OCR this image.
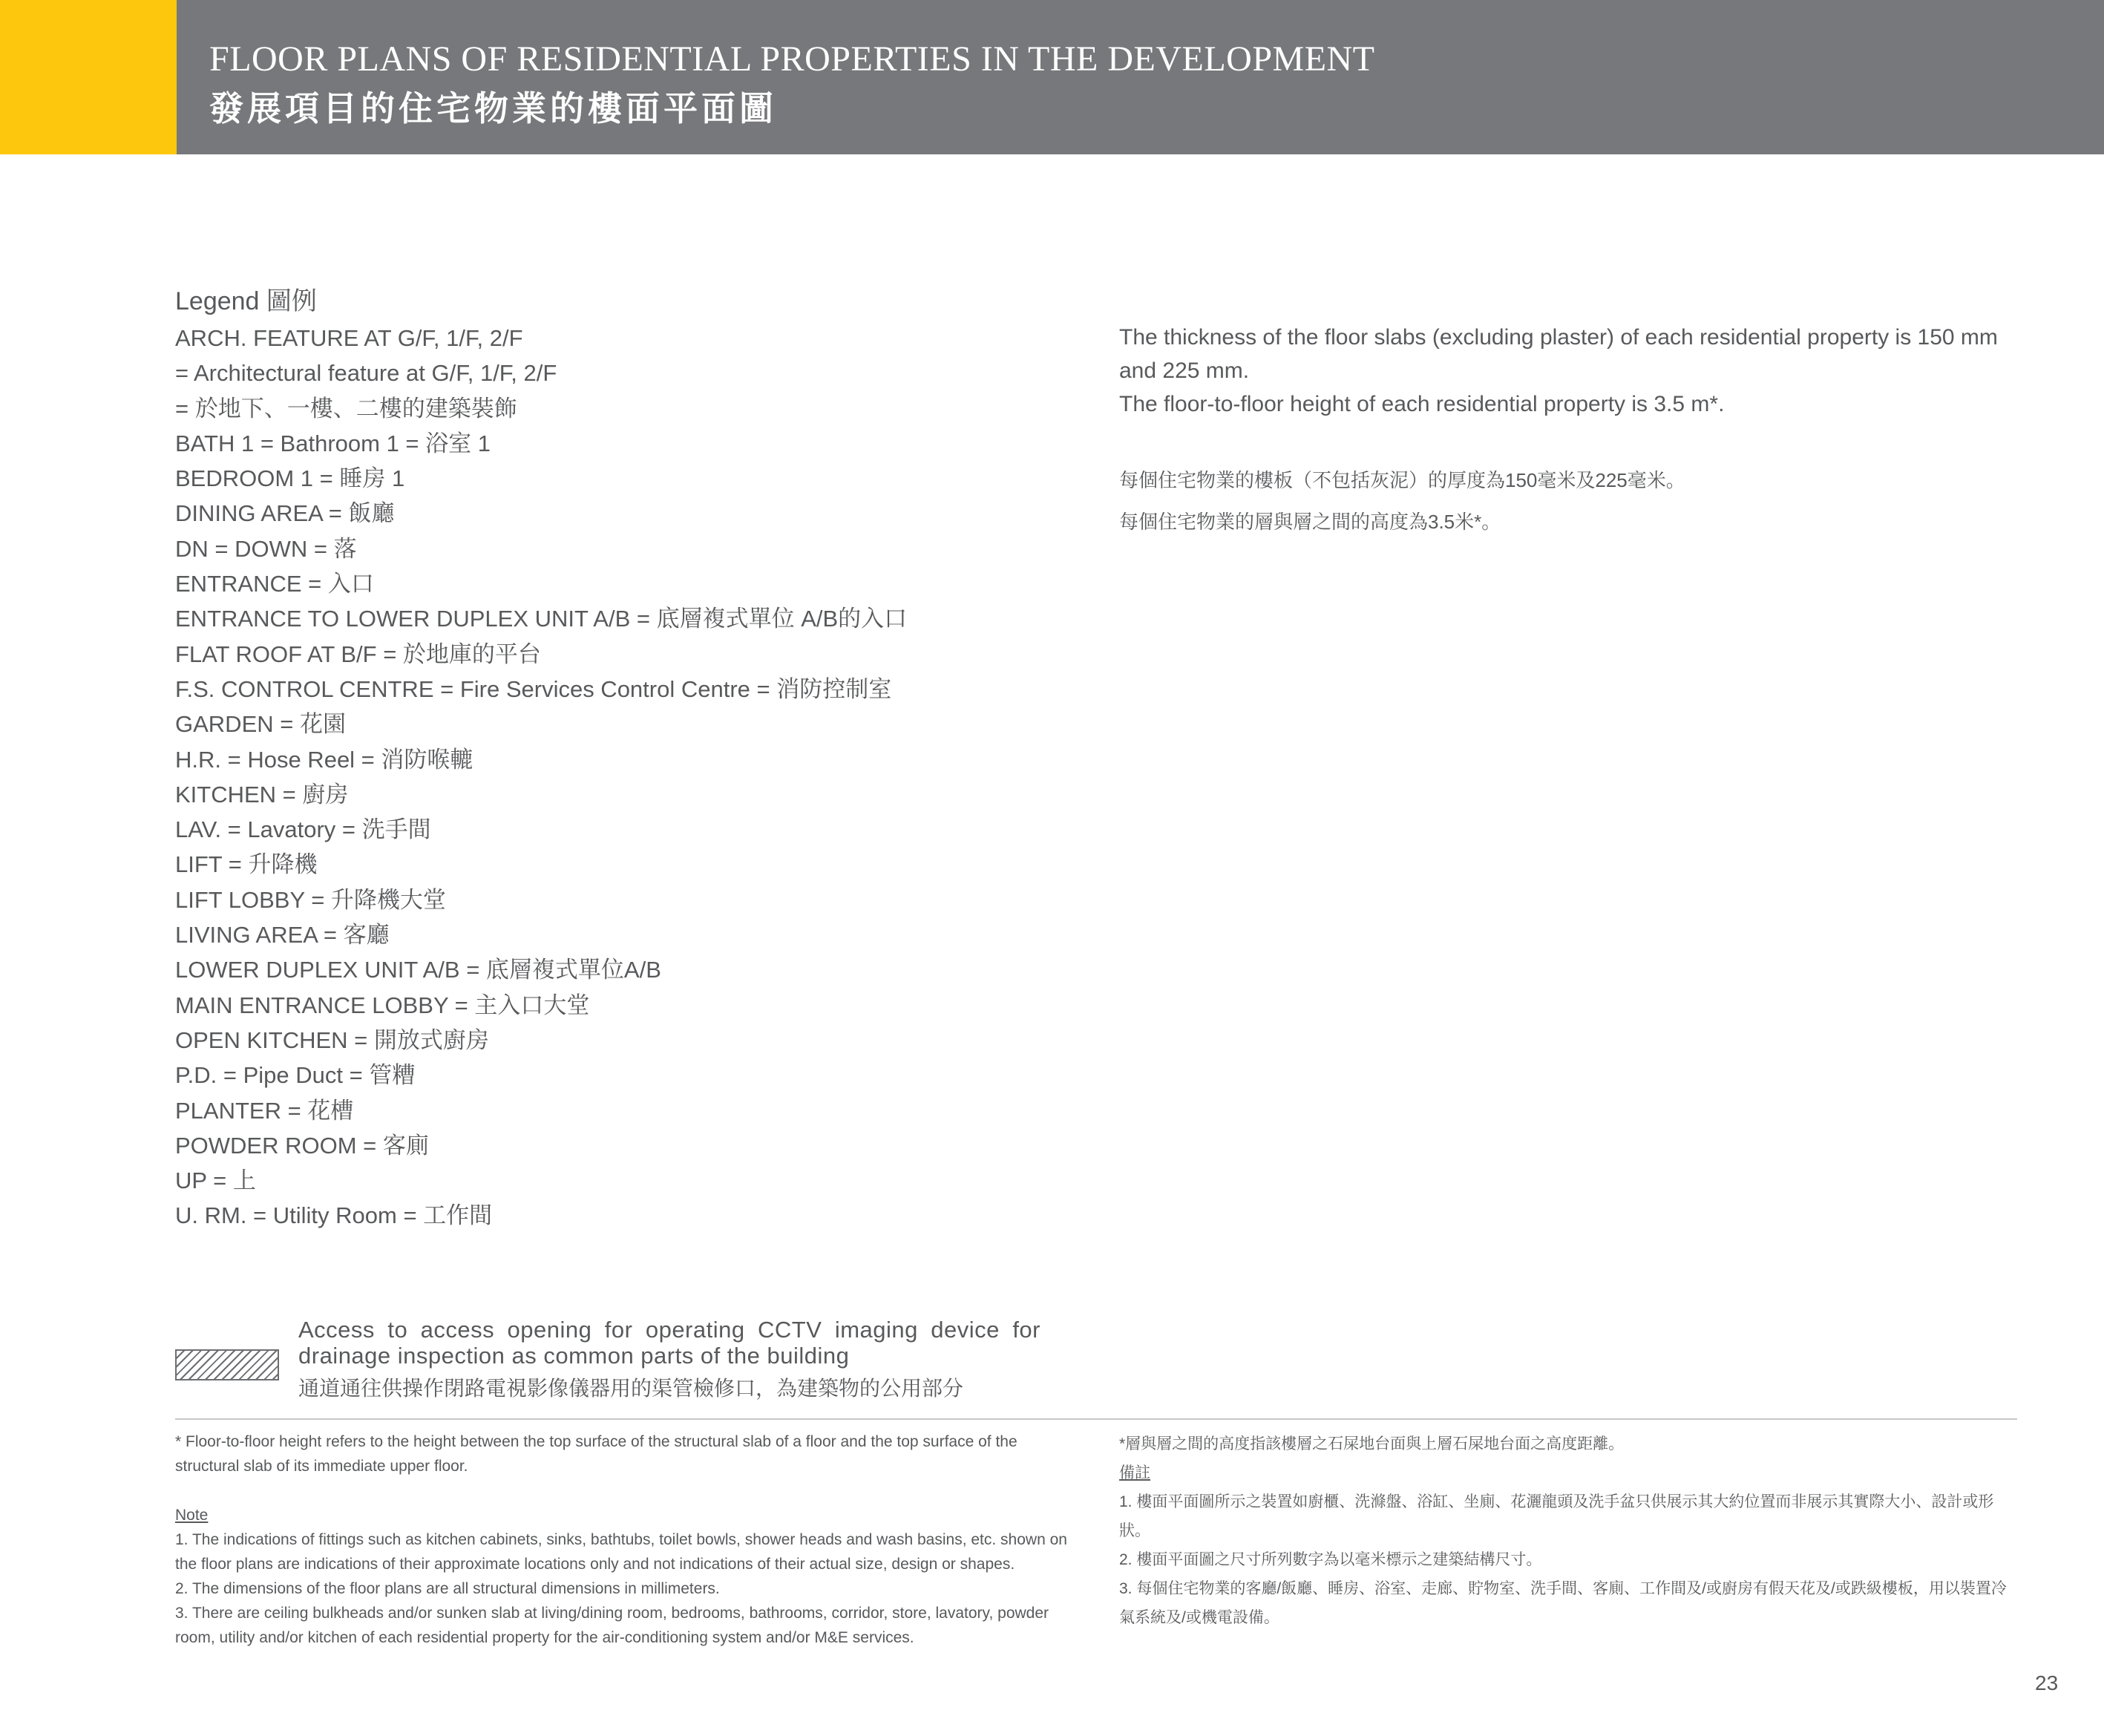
FLOOR PLANS OF RESIDENTIAL PROPERTIES IN THE DEVELOPMENT
發展項目的住宅物業的樓面平面圖
Legend 圖例
ARCH. FEATURE AT G/F, 1/F, 2/F
= Architectural feature at G/F, 1/F, 2/F
= 於地下、一樓、二樓的建築裝飾
BATH 1 = Bathroom 1 = 浴室 1
BEDROOM 1 = 睡房 1
DINING AREA = 飯廳
DN = DOWN = 落
ENTRANCE = 入口
ENTRANCE TO LOWER DUPLEX UNIT A/B = 底層複式單位 A/B的入口
FLAT ROOF AT B/F = 於地庫的平台
F.S. CONTROL CENTRE = Fire Services Control Centre = 消防控制室
GARDEN = 花園
H.R. = Hose Reel = 消防喉轆
KITCHEN = 廚房
LAV. = Lavatory = 洗手間
LIFT = 升降機
LIFT LOBBY = 升降機大堂
LIVING AREA = 客廳
LOWER DUPLEX UNIT A/B = 底層複式單位A/B
MAIN ENTRANCE LOBBY = 主入口大堂
OPEN KITCHEN = 開放式廚房
P.D. = Pipe Duct = 管糟
PLANTER = 花槽
POWDER ROOM = 客廁
UP = 上
U. RM. = Utility Room = 工作間

The thickness of the floor slabs (excluding plaster) of each residential property is 150 mm and 225 mm.

The floor-to-floor height of each residential property is 3.5 m*.

每個住宅物業的樓板（不包括灰泥）的厚度為150毫米及225毫米。

每個住宅物業的層與層之間的高度為3.5米*。

Access to access opening for operating CCTV imaging device for drainage inspection as common parts of the building
通道通往供操作閉路電視影像儀器用的渠管檢修口，為建築物的公用部分

* Floor-to-floor height refers to the height between the top surface of the structural slab of a floor and the top surface of the structural slab of its immediate upper floor.

Note

1. The indications of fittings such as kitchen cabinets, sinks, bathtubs, toilet bowls, shower heads and wash basins, etc. shown on the floor plans are indications of their approximate locations only and not indications of their actual size, design or shapes.

2. The dimensions of the floor plans are all structural dimensions in millimeters.

3. There are ceiling bulkheads and/or sunken slab at living/dining room, bedrooms, bathrooms, corridor, store, lavatory, powder room, utility and/or kitchen of each residential property for the air-conditioning system and/or M&E services.

*層與層之間的高度指該樓層之石屎地台面與上層石屎地台面之高度距離。

備註

1. 樓面平面圖所示之裝置如廚櫃、洗滌盤、浴缸、坐廁、花灑龍頭及洗手盆只供展示其大約位置而非展示其實際大小、設計或形狀。

2. 樓面平面圖之尺寸所列數字為以毫米標示之建築結構尺寸。

3. 每個住宅物業的客廳/飯廳、睡房、浴室、走廊、貯物室、洗手間、客廁、工作間及/或廚房有假天花及/或跌級樓板，用以裝置冷氣系統及/或機電設備。

23
